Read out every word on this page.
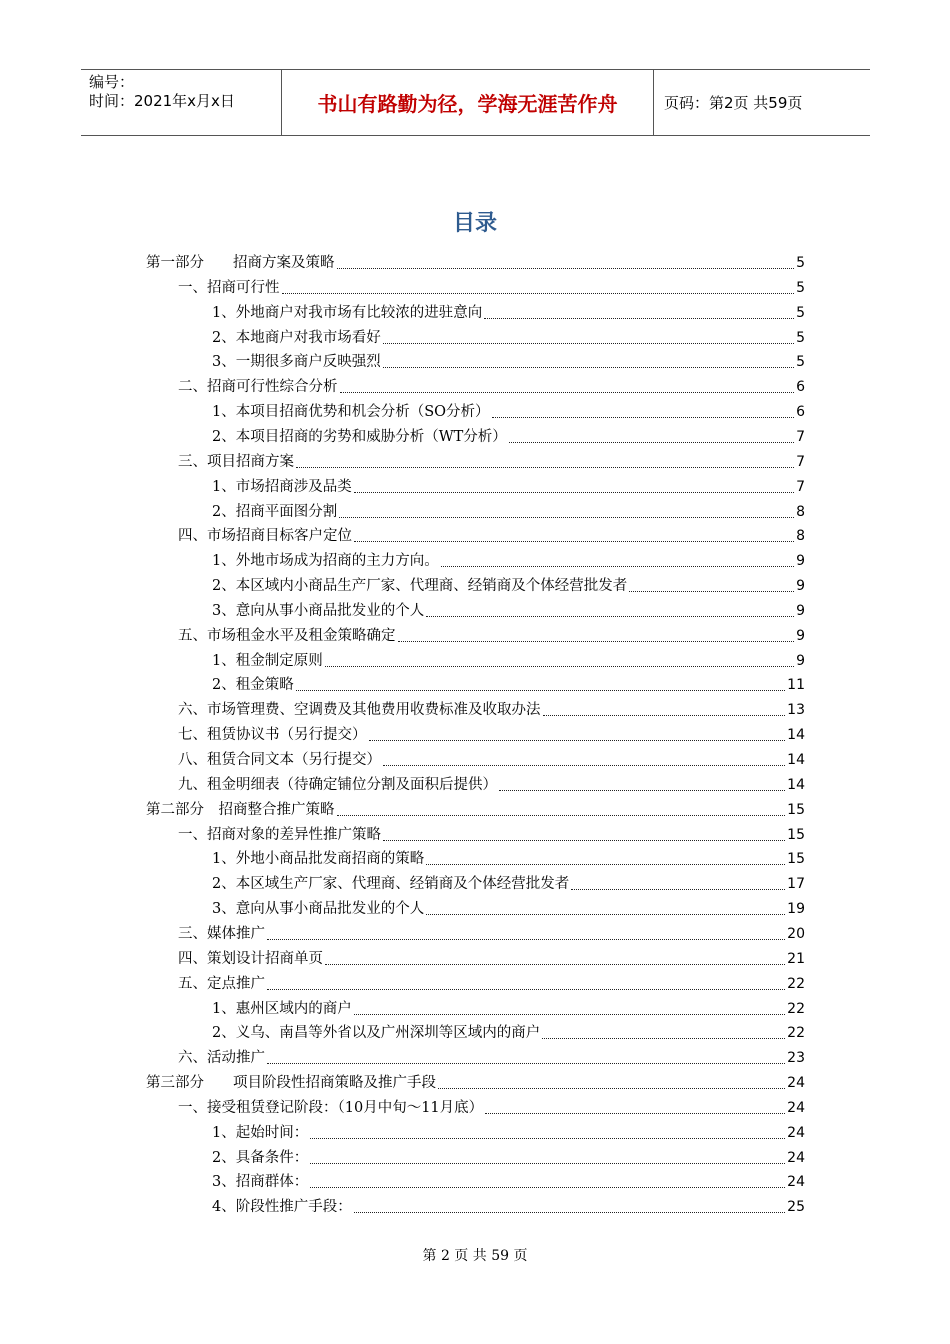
编号：
时间：2021年x月x日	书山有路勤为径，学海无涯苦作舟	页码：第2页 共59页
目录
第一部分　　招商方案及策略	5
一、招商可行性	5
1、外地商户对我市场有比较浓的进驻意向	5
2、本地商户对我市场看好	5
3、一期很多商户反映强烈	5
二、招商可行性综合分析	6
1、本项目招商优势和机会分析（SO分析）	6
2、本项目招商的劣势和威胁分析（WT分析）	7
三、项目招商方案	7
1、市场招商涉及品类	7
2、招商平面图分割	8
四、市场招商目标客户定位	8
1、外地市场成为招商的主力方向。	9
2、本区域内小商品生产厂家、代理商、经销商及个体经营批发者	9
3、意向从事小商品批发业的个人	9
五、市场租金水平及租金策略确定	9
1、租金制定原则	9
2、租金策略	11
六、市场管理费、空调费及其他费用收费标准及收取办法	13
七、租赁协议书（另行提交）	14
八、租赁合同文本（另行提交）	14
九、租金明细表（待确定铺位分割及面积后提供）	14
第二部分　招商整合推广策略	15
一、招商对象的差异性推广策略	15
1、外地小商品批发商招商的策略	15
2、本区域生产厂家、代理商、经销商及个体经营批发者	17
3、意向从事小商品批发业的个人	19
三、媒体推广	20
四、策划设计招商单页	21
五、定点推广	22
1、惠州区域内的商户	22
2、义乌、南昌等外省以及广州深圳等区域内的商户	22
六、活动推广	23
第三部分　　项目阶段性招商策略及推广手段	24
一、接受租赁登记阶段：（10月中旬～11月底）	24
1、起始时间：	24
2、具备条件：	24
3、招商群体：	24
4、阶段性推广手段：	25
第 2 页 共 59 页
